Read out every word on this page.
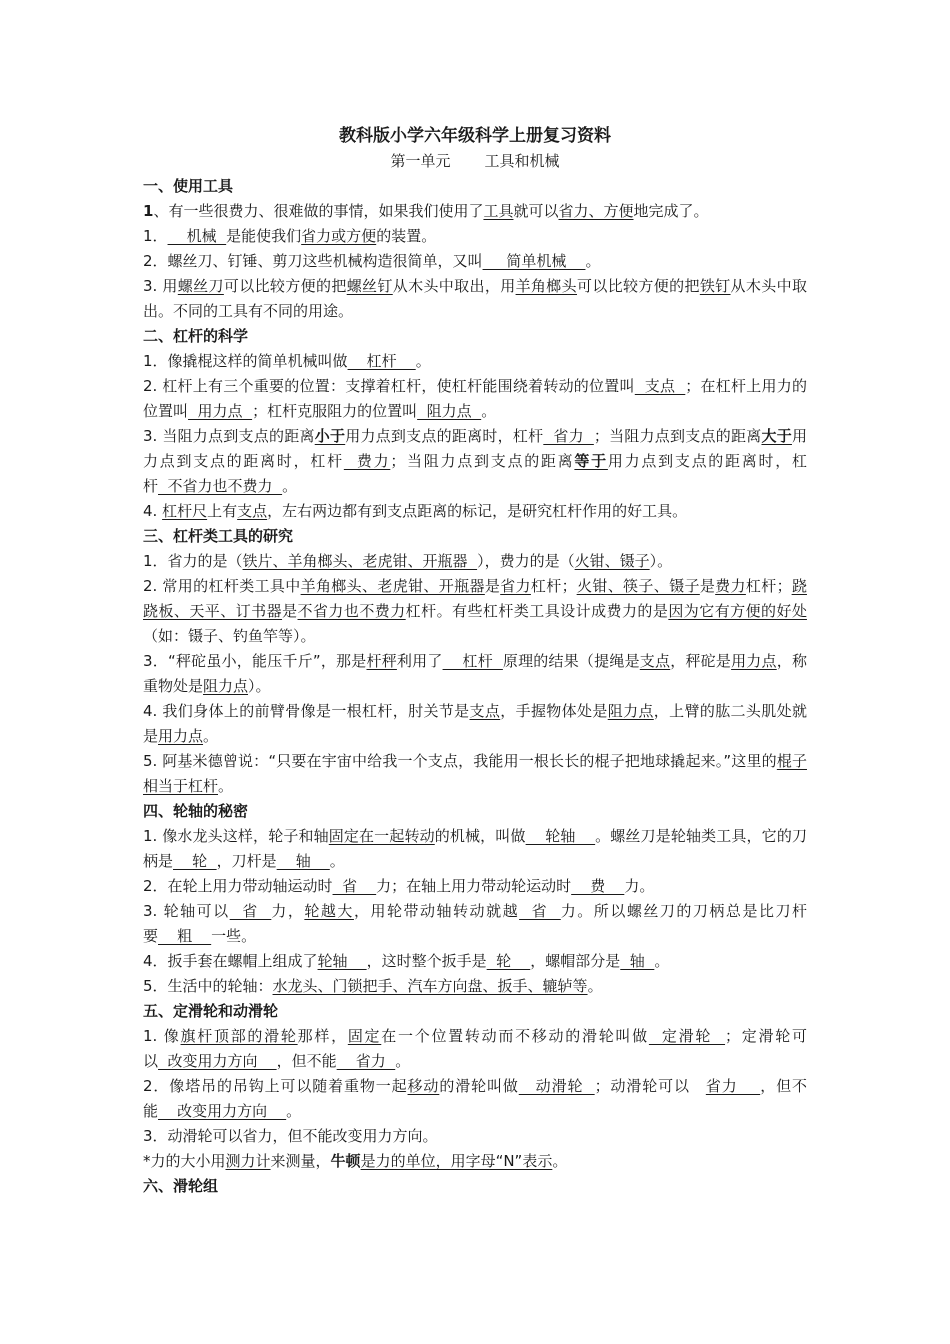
教科版小学六年级科学上册复习资料
第一单元 工具和机械
一、使用工具
1、有一些很费力、很难做的事情，如果我们使用了工具就可以省力、方便地完成了。
1．    机械  是能使我们省力或方便的装置。
2．螺丝刀、钉锤、剪刀这些机械构造很简单，又叫     简单机械    。
3. 用螺丝刀可以比较方便的把螺丝钉从木头中取出，用羊角榔头可以比较方便的把铁钉从木头中取出。不同的工具有不同的用途。
二、杠杆的科学
1．像撬棍这样的简单机械叫做    杠杆    。
2. 杠杆上有三个重要的位置：支撑着杠杆，使杠杆能围绕着转动的位置叫  支点  ；在杠杆上用力的位置叫  用力点  ；杠杆克服阻力的位置叫  阻力点  。
3. 当阻力点到支点的距离小于用力点到支点的距离时，杠杆  省力  ；当阻力点到支点的距离大于用力点到支点的距离时，杠杆  费力；当阻力点到支点的距离等于用力点到支点的距离时，杠杆  不省力也不费力  。
4. 杠杆尺上有支点，左右两边都有到支点距离的标记，是研究杠杆作用的好工具。
三、杠杆类工具的研究
1．省力的是（铁片、羊角榔头、老虎钳、开瓶器  ），费力的是（火钳、镊子）。
2. 常用的杠杆类工具中羊角榔头、老虎钳、开瓶器是省力杠杆；火钳、筷子、镊子是费力杠杆；跷跷板、天平、订书器是不省力也不费力杠杆。有些杠杆类工具设计成费力的是因为它有方便的好处（如：镊子、钓鱼竿等）。
3．“秤砣虽小，能压千斤”，那是杆秤利用了    杠杆  原理的结果（提绳是支点，秤砣是用力点，称重物处是阻力点）。
4. 我们身体上的前臂骨像是一根杠杆，肘关节是支点，手握物体处是阻力点，上臂的肱二头肌处就是用力点。
5. 阿基米德曾说：“只要在宇宙中给我一个支点，我能用一根长长的棍子把地球撬起来。”这里的棍子相当于杠杆。
四、轮轴的秘密
1. 像水龙头这样，轮子和轴固定在一起转动的机械，叫做    轮轴    。螺丝刀是轮轴类工具，它的刀柄是    轮  ，刀杆是    轴    。
2．在轮上用力带动轴运动时  省    力；在轴上用力带动轮运动时    费    力。
3. 轮轴可以  省  力，轮越大，用轮带动轴转动就越  省  力。所以螺丝刀的刀柄总是比刀杆要    粗    一些。
4．扳手套在螺帽上组成了轮轴    ，这时整个扳手是  轮    ，螺帽部分是  轴  。
5．生活中的轮轴：水龙头、门锁把手、汽车方向盘、扳手、辘轳等。
五、定滑轮和动滑轮
1. 像旗杆顶部的滑轮那样，固定在一个位置转动而不移动的滑轮叫做  定滑轮  ；定滑轮可以  改变用力方向    ，但不能    省力  。
2．像塔吊的吊钩上可以随着重物一起移动的滑轮叫做   动滑轮  ；动滑轮可以　省力    ，但不能    改变用力方向    。
3．动滑轮可以省力，但不能改变用力方向。
*力的大小用测力计来测量，牛顿是力的单位，用字母“N”表示。
六、滑轮组
